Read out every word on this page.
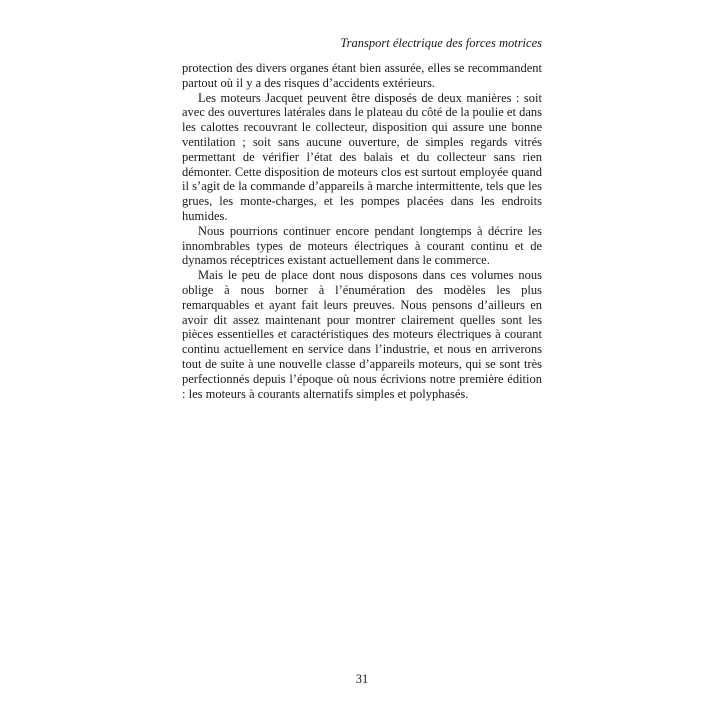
Transport électrique des forces motrices

protection des divers organes étant bien assurée, elles se recommandent partout où il y a des risques d’accidents extérieurs.

Les moteurs Jacquet peuvent être disposés de deux manières : soit avec des ouvertures latérales dans le plateau du côté de la poulie et dans les calottes recouvrant le collecteur, disposition qui assure une bonne ventilation ; soit sans aucune ouverture, de simples regards vitrés permettant de vérifier l’état des balais et du collecteur sans rien démonter. Cette disposition de moteurs clos est surtout employée quand il s’agit de la commande d’appareils à marche intermittente, tels que les grues, les monte-charges, et les pompes placées dans les endroits humides.

Nous pourrions continuer encore pendant longtemps à décrire les innombrables types de moteurs électriques à courant continu et de dynamos réceptrices existant actuellement dans le commerce.

Mais le peu de place dont nous disposons dans ces volumes nous oblige à nous borner à l’énumération des modèles les plus remarquables et ayant fait leurs preuves. Nous pensons d’ailleurs en avoir dit assez maintenant pour montrer clairement quelles sont les pièces essentielles et caractéristiques des moteurs électriques à courant continu actuellement en service dans l’industrie, et nous en arriverons tout de suite à une nouvelle classe d’appareils moteurs, qui se sont très perfectionnés depuis l’époque où nous écrivions notre première édition : les moteurs à courants alternatifs simples et polyphasés.

31
